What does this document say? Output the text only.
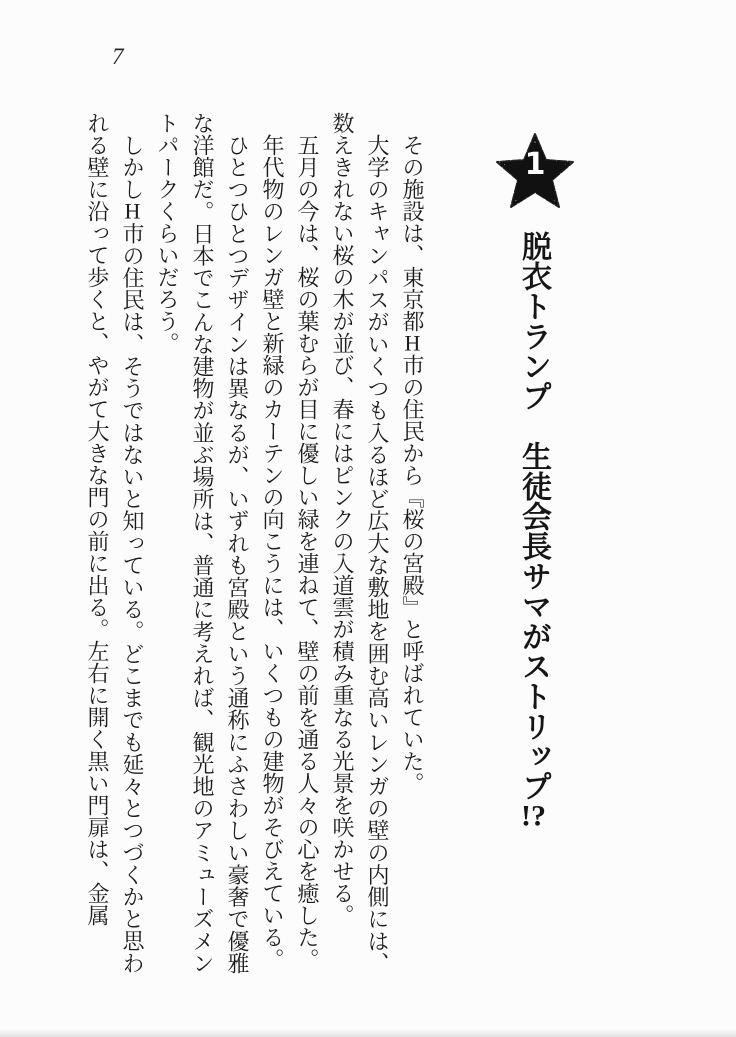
7
1
脱衣トランプ　生徒会長サマがストリップ!?

その施設は、東京都H市の住民から『桜の宮殿』と呼ばれていた。

大学のキャンパスがいくつも入るほど広大な敷地を囲む高いレンガの壁の内側には、数えきれない桜の木が並び、春にはピンクの入道雲が積み重なる光景を咲かせる。

五月の今は、桜の葉むらが目に優しい緑を連ねて、壁の前を通る人々の心を癒した。

年代物のレンガ壁と新緑のカーテンの向こうには、いくつもの建物がそびえている。

ひとつひとつデザインは異なるが、いずれも宮殿という通称にふさわしい豪奢で優雅な洋館だ。日本でこんな建物が並ぶ場所は、普通に考えれば、観光地のアミューズメントパークくらいだろう。

しかしH市の住民は、そうではないと知っている。どこまでも延々とつづくかと思われる壁に沿って歩くと、やがて大きな門の前に出る。左右に開く黒い門扉は、金属
